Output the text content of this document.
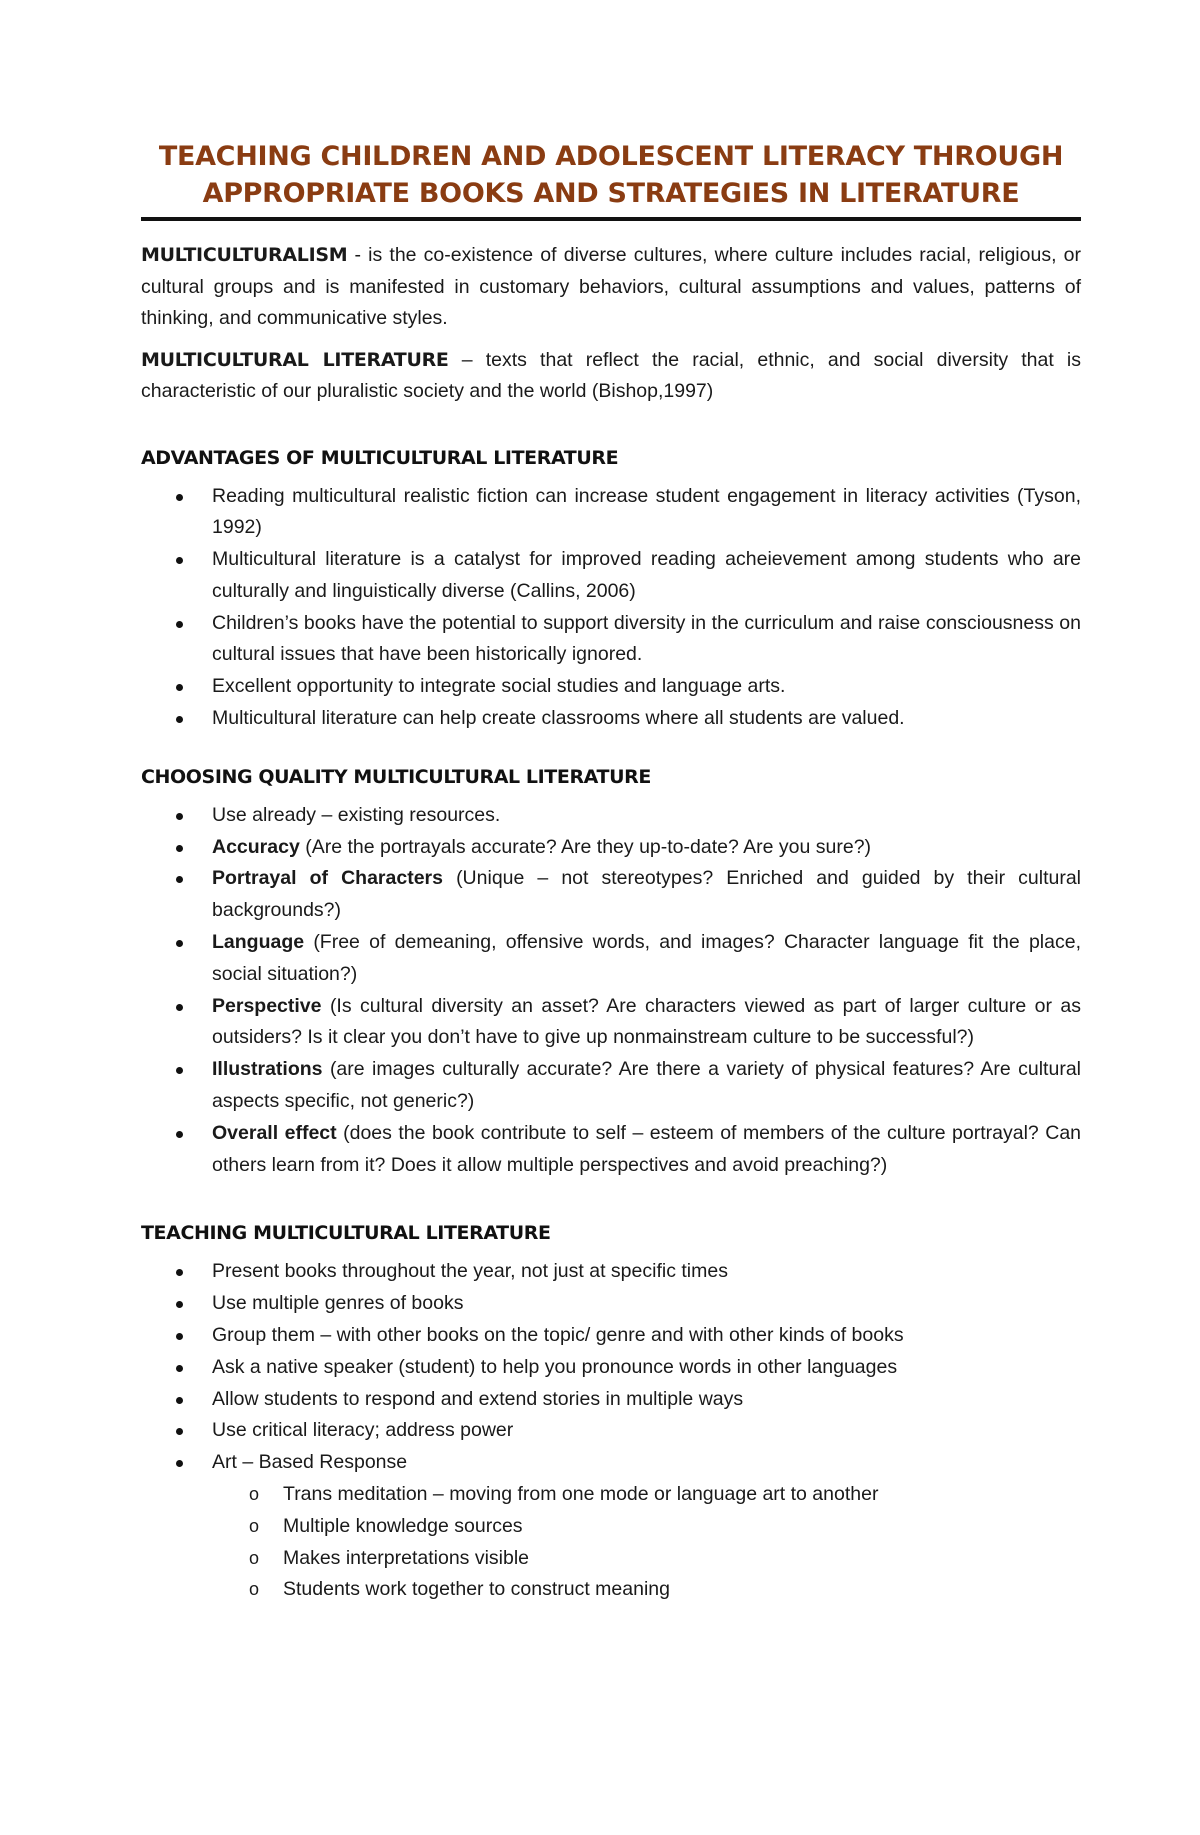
TEACHING CHILDREN AND ADOLESCENT LITERACY THROUGH APPROPRIATE BOOKS AND STRATEGIES IN LITERATURE

MULTICULTURALISM - is the co-existence of diverse cultures, where culture includes racial, religious, or cultural groups and is manifested in customary behaviors, cultural assumptions and values, patterns of thinking, and communicative styles.

MULTICULTURAL LITERATURE – texts that reflect the racial, ethnic, and social diversity that is characteristic of our pluralistic society and the world (Bishop,1997)

ADVANTAGES OF MULTICULTURAL LITERATURE
Reading multicultural realistic fiction can increase student engagement in literacy activities (Tyson, 1992)
Multicultural literature is a catalyst for improved reading acheievement among students who are culturally and linguistically diverse (Callins, 2006)
Children’s books have the potential to support diversity in the curriculum and raise consciousness on cultural issues that have been historically ignored.
Excellent opportunity to integrate social studies and language arts.
Multicultural literature can help create classrooms where all students are valued.
CHOOSING QUALITY MULTICULTURAL LITERATURE
Use already – existing resources.
Accuracy (Are the portrayals accurate? Are they up-to-date? Are you sure?)
Portrayal of Characters (Unique – not stereotypes? Enriched and guided by their cultural backgrounds?)
Language (Free of demeaning, offensive words, and images? Character language fit the place, social situation?)
Perspective (Is cultural diversity an asset? Are characters viewed as part of larger culture or as outsiders? Is it clear you don’t have to give up nonmainstream culture to be successful?)
Illustrations (are images culturally accurate? Are there a variety of physical features? Are cultural aspects specific, not generic?)
Overall effect (does the book contribute to self – esteem of members of the culture portrayal? Can others learn from it? Does it allow multiple perspectives and avoid preaching?)
TEACHING MULTICULTURAL LITERATURE
Present books throughout the year, not just at specific times
Use multiple genres of books
Group them – with other books on the topic/ genre and with other kinds of books
Ask a native speaker (student) to help you pronounce words in other languages
Allow students to respond and extend stories in multiple ways
Use critical literacy; address power
Art – Based Response
o Trans meditation – moving from one mode or language art to another
o Multiple knowledge sources
o Makes interpretations visible
o Students work together to construct meaning
